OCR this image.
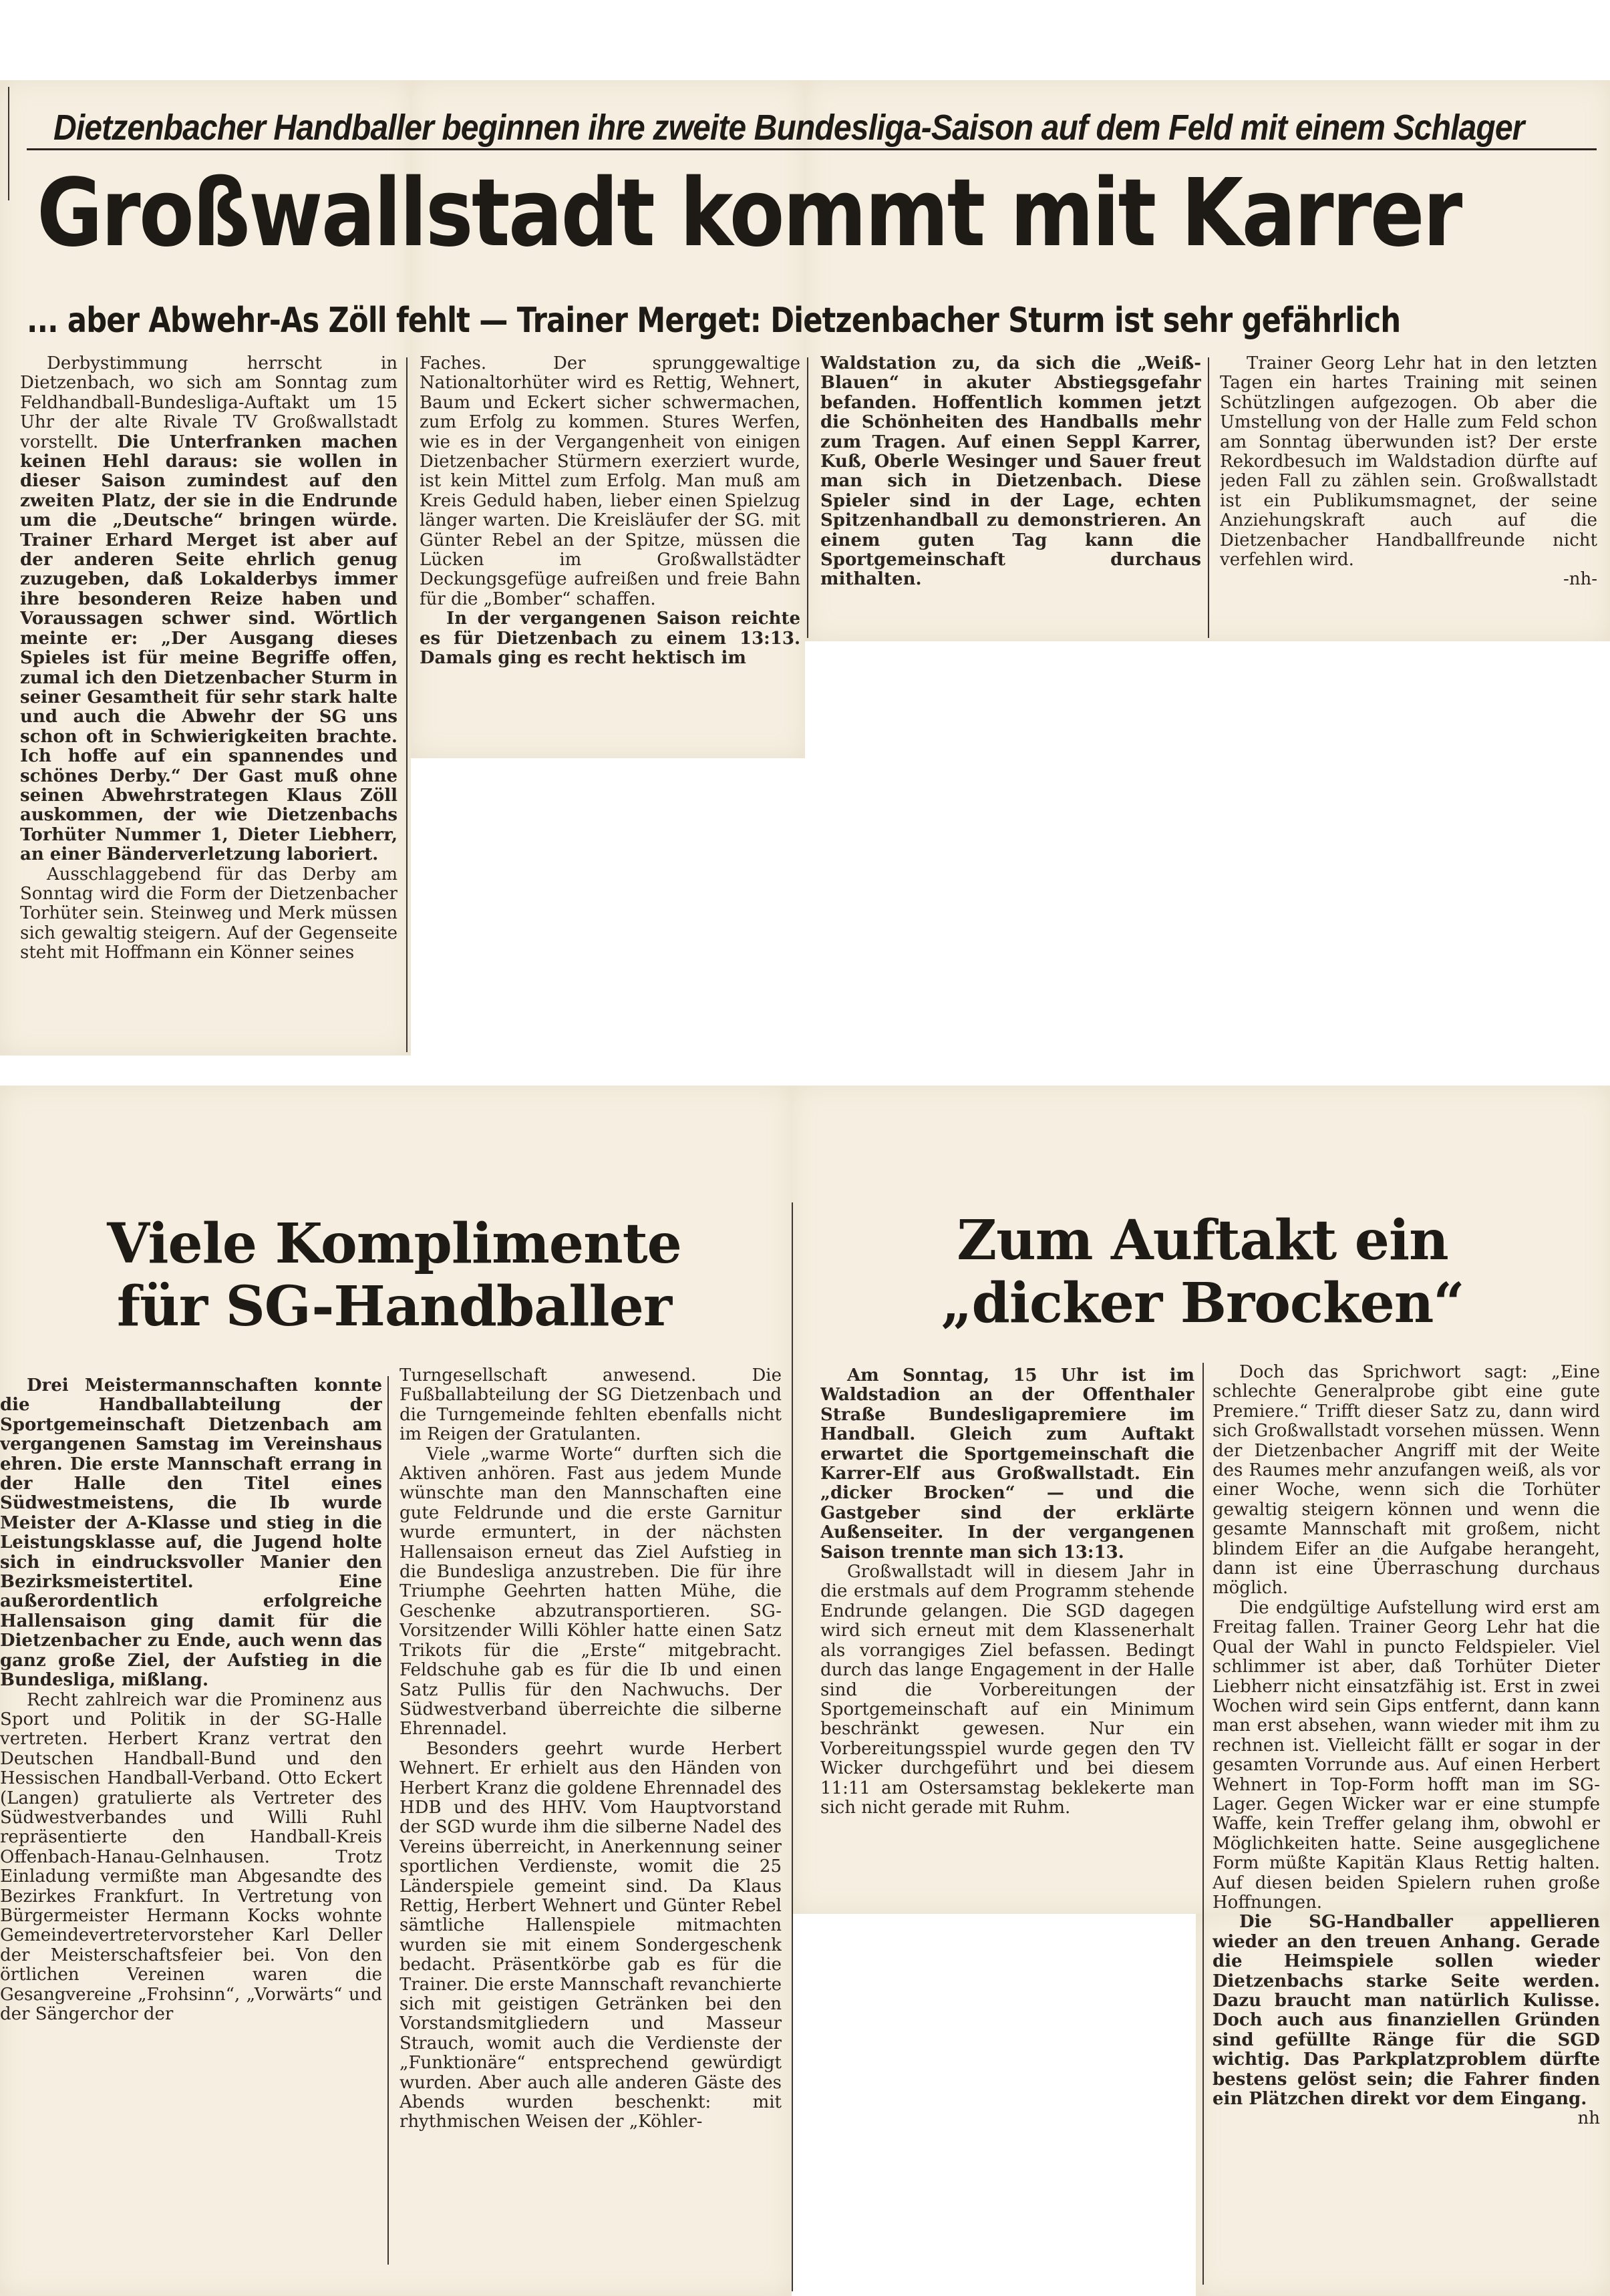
Dietzenbacher Handballer beginnen ihre zweite Bundesliga-Saison auf dem Feld mit einem Schlager
Großwallstadt kommt mit Karrer
... aber Abwehr-As Zöll fehlt — Trainer Merget: Dietzenbacher Sturm ist sehr gefährlich

Derbystimmung herrscht in Dietzenbach, wo sich am Sonntag zum Feldhandball-Bundesliga-Auftakt um 15 Uhr der alte Rivale TV Großwallstadt vorstellt. Die Unterfranken machen keinen Hehl daraus: sie wollen in dieser Saison zumindest auf den zweiten Platz, der sie in die Endrunde um die „Deutsche“ bringen würde. Trainer Erhard Merget ist aber auf der anderen Seite ehrlich genug zuzugeben, daß Lokalderbys immer ihre besonderen Reize haben und Voraussagen schwer sind. Wörtlich meinte er: „Der Ausgang dieses Spieles ist für meine Begriffe offen, zumal ich den Dietzenbacher Sturm in seiner Gesamtheit für sehr stark halte und auch die Abwehr der SG uns schon oft in Schwierigkeiten brachte. Ich hoffe auf ein spannendes und schönes Derby.“ Der Gast muß ohne seinen Abwehrstrategen Klaus Zöll auskommen, der wie Dietzenbachs Torhüter Nummer 1, Dieter Liebherr, an einer Bänderverletzung laboriert.

Ausschlaggebend für das Derby am Sonntag wird die Form der Dietzenbacher Torhüter sein. Steinweg und Merk müssen sich gewaltig steigern. Auf der Gegenseite steht mit Hoffmann ein Könner seines

Faches. Der sprunggewaltige Nationaltorhüter wird es Rettig, Wehnert, Baum und Eckert sicher schwermachen, zum Erfolg zu kommen. Stures Werfen, wie es in der Vergangenheit von einigen Dietzenbacher Stürmern exerziert wurde, ist kein Mittel zum Erfolg. Man muß am Kreis Geduld haben, lieber einen Spielzug länger warten. Die Kreisläufer der SG. mit Günter Rebel an der Spitze, müssen die Lücken im Großwallstädter Deckungsgefüge aufreißen und freie Bahn für die „Bomber“ schaffen.

In der vergangenen Saison reichte es für Dietzenbach zu einem 13:13. Damals ging es recht hektisch im

Waldstation zu, da sich die „Weiß-Blauen“ in akuter Abstiegsgefahr befanden. Hoffentlich kommen jetzt die Schönheiten des Handballs mehr zum Tragen. Auf einen Seppl Karrer, Kuß, Oberle Wesinger und Sauer freut man sich in Dietzenbach. Diese Spieler sind in der Lage, echten Spitzenhandball zu demonstrieren. An einem guten Tag kann die Sportgemeinschaft durchaus mithalten.

Trainer Georg Lehr hat in den letzten Tagen ein hartes Training mit seinen Schützlingen aufgezogen. Ob aber die Umstellung von der Halle zum Feld schon am Sonntag überwunden ist? Der erste Rekordbesuch im Waldstadion dürfte auf jeden Fall zu zählen sein. Großwallstadt ist ein Publikumsmagnet, der seine Anziehungskraft auch auf die Dietzenbacher Handballfreunde nicht verfehlen wird.

-nh-
Viele Komplimente
für SG-Handballer

Drei Meistermannschaften konnte die Handballabteilung der Sportgemeinschaft Dietzenbach am vergangenen Samstag im Vereinshaus ehren. Die erste Mannschaft errang in der Halle den Titel eines Südwestmeistens, die Ib wurde Meister der A-Klasse und stieg in die Leistungsklasse auf, die Jugend holte sich in eindrucksvoller Manier den Bezirksmeistertitel. Eine außerordentlich erfolgreiche Hallensaison ging damit für die Dietzenbacher zu Ende, auch wenn das ganz große Ziel, der Aufstieg in die Bundesliga, mißlang.

Recht zahlreich war die Prominenz aus Sport und Politik in der SG-Halle vertreten. Herbert Kranz vertrat den Deutschen Handball-Bund und den Hessischen Handball-Verband. Otto Eckert (Langen) gratulierte als Vertreter des Südwestverbandes und Willi Ruhl repräsentierte den Handball-Kreis Offenbach-Hanau-Gelnhausen. Trotz Einladung vermißte man Abgesandte des Bezirkes Frankfurt. In Vertretung von Bürgermeister Hermann Kocks wohnte Gemeindevertretervorsteher Karl Deller der Meisterschaftsfeier bei. Von den örtlichen Vereinen waren die Gesangvereine „Frohsinn“, „Vorwärts“ und der Sängerchor der

Turngesellschaft anwesend. Die Fußballabteilung der SG Dietzenbach und die Turngemeinde fehlten ebenfalls nicht im Reigen der Gratulanten.

Viele „warme Worte“ durften sich die Aktiven anhören. Fast aus jedem Munde wünschte man den Mannschaften eine gute Feldrunde und die erste Garnitur wurde ermuntert, in der nächsten Hallensaison erneut das Ziel Aufstieg in die Bundesliga anzustreben. Die für ihre Triumphe Geehrten hatten Mühe, die Geschenke abzutransportieren. SG-Vorsitzender Willi Köhler hatte einen Satz Trikots für die „Erste“ mitgebracht. Feldschuhe gab es für die Ib und einen Satz Pullis für den Nachwuchs. Der Südwestverband überreichte die silberne Ehrennadel.

Besonders geehrt wurde Herbert Wehnert. Er erhielt aus den Händen von Herbert Kranz die goldene Ehrennadel des HDB und des HHV. Vom Hauptvorstand der SGD wurde ihm die silberne Nadel des Vereins überreicht, in Anerkennung seiner sportlichen Verdienste, womit die 25 Länderspiele gemeint sind. Da Klaus Rettig, Herbert Wehnert und Günter Rebel sämtliche Hallenspiele mitmachten wurden sie mit einem Sondergeschenk bedacht. Präsentkörbe gab es für die Trainer. Die erste Mannschaft revanchierte sich mit geistigen Getränken bei den Vorstandsmitgliedern und Masseur Strauch, womit auch die Verdienste der „Funktionäre“ entsprechend gewürdigt wurden. Aber auch alle anderen Gäste des Abends wurden beschenkt: mit rhythmischen Weisen der „Köhler-

Zum Auftakt ein
„dicker Brocken“

Am Sonntag, 15 Uhr ist im Waldstadion an der Offenthaler Straße Bundesligapremiere im Handball. Gleich zum Auftakt erwartet die Sportgemeinschaft die Karrer-Elf aus Großwallstadt. Ein „dicker Brocken“ — und die Gastgeber sind der erklärte Außenseiter. In der vergangenen Saison trennte man sich 13:13.

Großwallstadt will in diesem Jahr in die erstmals auf dem Programm stehende Endrunde gelangen. Die SGD dagegen wird sich erneut mit dem Klassenerhalt als vorrangiges Ziel befassen. Bedingt durch das lange Engagement in der Halle sind die Vorbereitungen der Sportgemeinschaft auf ein Minimum beschränkt gewesen. Nur ein Vorbereitungsspiel wurde gegen den TV Wicker durchgeführt und bei diesem 11:11 am Ostersamstag beklekerte man sich nicht gerade mit Ruhm.

Doch das Sprichwort sagt: „Eine schlechte Generalprobe gibt eine gute Premiere.“ Trifft dieser Satz zu, dann wird sich Großwallstadt vorsehen müssen. Wenn der Dietzenbacher Angriff mit der Weite des Raumes mehr anzufangen weiß, als vor einer Woche, wenn sich die Torhüter gewaltig steigern können und wenn die gesamte Mannschaft mit großem, nicht blindem Eifer an die Aufgabe herangeht, dann ist eine Überraschung durchaus möglich.

Die endgültige Aufstellung wird erst am Freitag fallen. Trainer Georg Lehr hat die Qual der Wahl in puncto Feldspieler. Viel schlimmer ist aber, daß Torhüter Dieter Liebherr nicht einsatzfähig ist. Erst in zwei Wochen wird sein Gips entfernt, dann kann man erst absehen, wann wieder mit ihm zu rechnen ist. Vielleicht fällt er sogar in der gesamten Vorrunde aus. Auf einen Herbert Wehnert in Top-Form hofft man im SG-Lager. Gegen Wicker war er eine stumpfe Waffe, kein Treffer gelang ihm, obwohl er Möglichkeiten hatte. Seine ausgeglichene Form müßte Kapitän Klaus Rettig halten. Auf diesen beiden Spielern ruhen große Hoffnungen.

Die SG-Handballer appellieren wieder an den treuen Anhang. Gerade die Heimspiele sollen wieder Dietzenbachs starke Seite werden. Dazu braucht man natürlich Kulisse. Doch auch aus finanziellen Gründen sind gefüllte Ränge für die SGD wichtig. Das Parkplatzproblem dürfte bestens gelöst sein; die Fahrer finden ein Plätzchen direkt vor dem Eingang.

nh
